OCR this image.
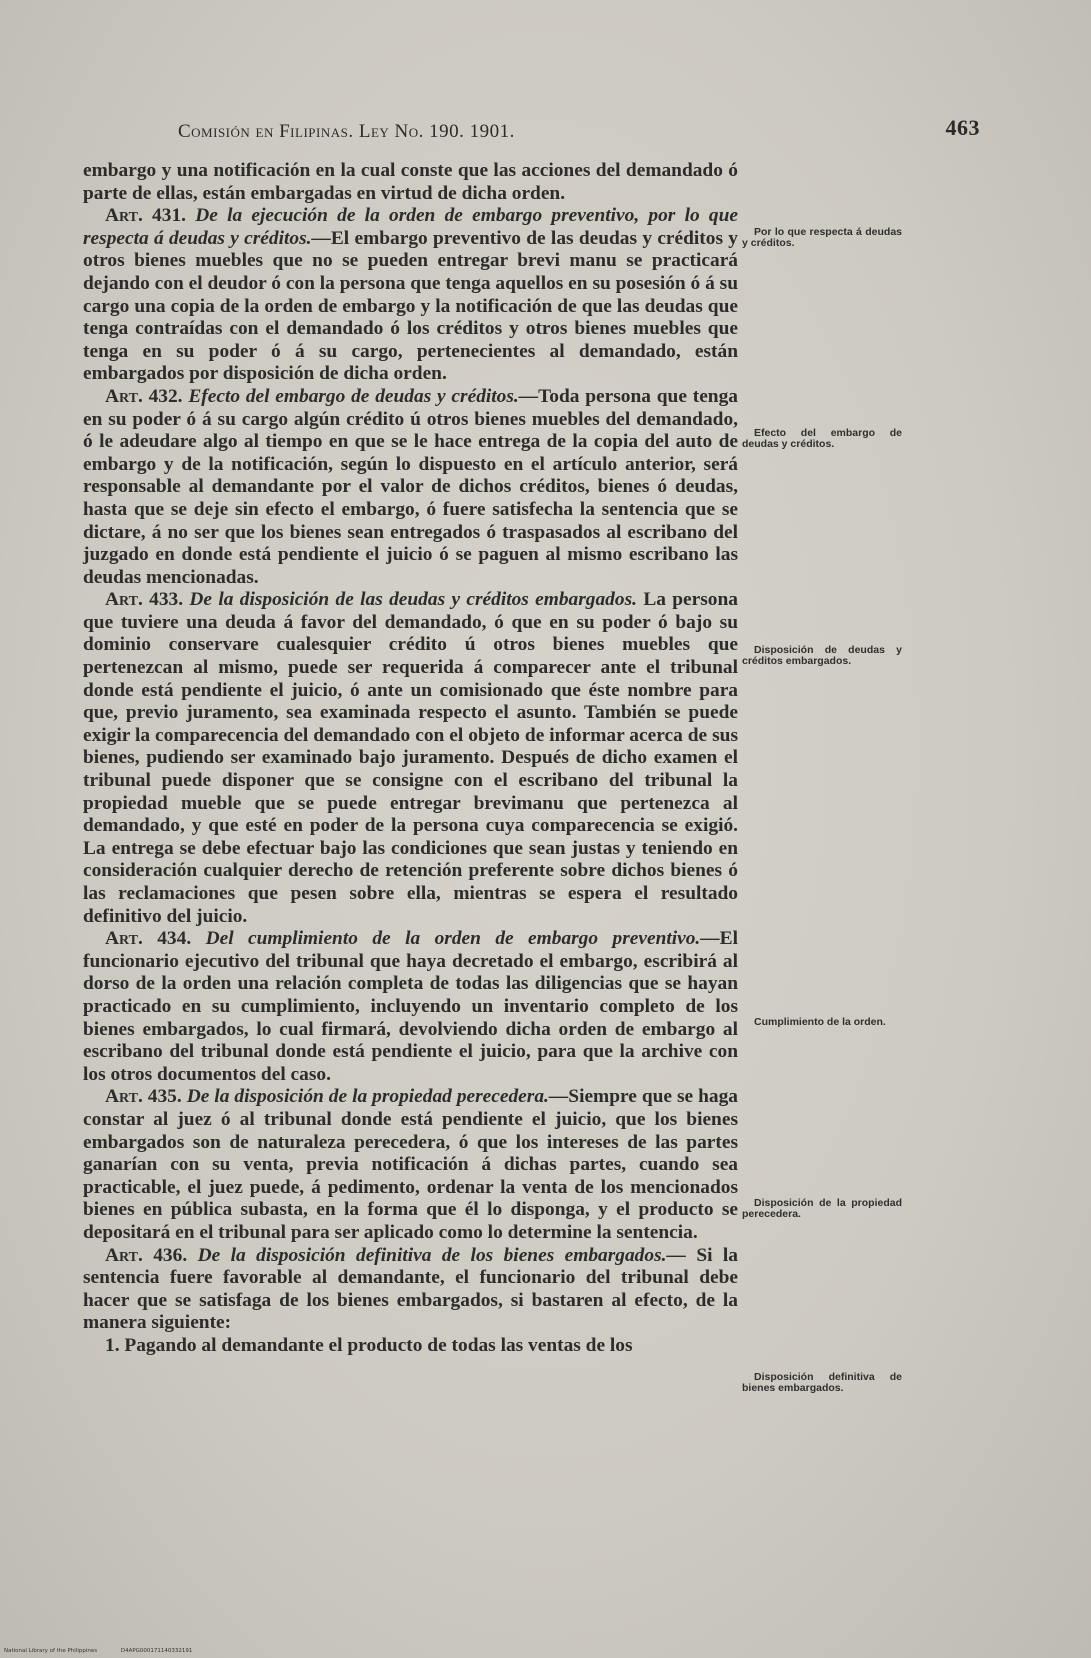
Comisión en Filipinas. Ley No. 190. 1901.	463

embargo y una notificación en la cual conste que las acciones del demandado ó parte de ellas, están embargadas en virtud de dicha orden.

Art. 431. De la ejecución de la orden de embargo preventivo, por lo que respecta á deudas y créditos.—El embargo preventivo de las deudas y créditos y otros bienes muebles que no se pueden entregar brevi manu se practicará dejando con el deudor ó con la persona que tenga aquellos en su posesión ó á su cargo una copia de la orden de embargo y la notificación de que las deudas que tenga contraídas con el demandado ó los créditos y otros bienes muebles que tenga en su poder ó á su cargo, pertenecientes al demandado, están embargados por disposición de dicha orden.

Art. 432. Efecto del embargo de deudas y créditos.—Toda persona que tenga en su poder ó á su cargo algún crédito ú otros bienes muebles del demandado, ó le adeudare algo al tiempo en que se le hace entrega de la copia del auto de embargo y de la notificación, según lo dispuesto en el artículo anterior, será responsable al demandante por el valor de dichos créditos, bienes ó deudas, hasta que se deje sin efecto el embargo, ó fuere satisfecha la sentencia que se dictare, á no ser que los bienes sean entregados ó traspasados al escribano del juzgado en donde está pendiente el juicio ó se paguen al mismo escribano las deudas mencionadas.

Art. 433. De la disposición de las deudas y créditos embargados. La persona que tuviere una deuda á favor del demandado, ó que en su poder ó bajo su dominio conservare cualesquier crédito ú otros bienes muebles que pertenezcan al mismo, puede ser requerida á comparecer ante el tribunal donde está pendiente el juicio, ó ante un comisionado que éste nombre para que, previo juramento, sea examinada respecto el asunto. También se puede exigir la comparecencia del demandado con el objeto de informar acerca de sus bienes, pudiendo ser examinado bajo juramento. Después de dicho examen el tribunal puede disponer que se consigne con el escribano del tribunal la propiedad mueble que se puede entregar brevimanu que pertenezca al demandado, y que esté en poder de la persona cuya comparecencia se exigió. La entrega se debe efectuar bajo las condiciones que sean justas y teniendo en consideración cualquier derecho de retención preferente sobre dichos bienes ó las reclamaciones que pesen sobre ella, mientras se espera el resultado definitivo del juicio.

Art. 434. Del cumplimiento de la orden de embargo preventivo.—El funcionario ejecutivo del tribunal que haya decretado el embargo, escribirá al dorso de la orden una relación completa de todas las diligencias que se hayan practicado en su cumplimiento, incluyendo un inventario completo de los bienes embargados, lo cual firmará, devolviendo dicha orden de embargo al escribano del tribunal donde está pendiente el juicio, para que la archive con los otros documentos del caso.

Art. 435. De la disposición de la propiedad perecedera.—Siempre que se haga constar al juez ó al tribunal donde está pendiente el juicio, que los bienes embargados son de naturaleza perecedera, ó que los intereses de las partes ganarían con su venta, previa notificación á dichas partes, cuando sea practicable, el juez puede, á pedimento, ordenar la venta de los mencionados bienes en pública subasta, en la forma que él lo disponga, y el producto se depositará en el tribunal para ser aplicado como lo determine la sentencia.

Art. 436. De la disposición definitiva de los bienes embargados.— Si la sentencia fuere favorable al demandante, el funcionario del tribunal debe hacer que se satisfaga de los bienes embargados, si bastaren al efecto, de la manera siguiente:

1. Pagando al demandante el producto de todas las ventas de los

Por lo que respecta á deudas y créditos.
Efecto del embargo de deudas y créditos.
Disposición de deudas y créditos embargados.
Cumplimiento de la orden.
Disposición de la propiedad perecedera.
Disposición definitiva de bienes embargados.
National Library of the Philippines	D4APG000171140332191
